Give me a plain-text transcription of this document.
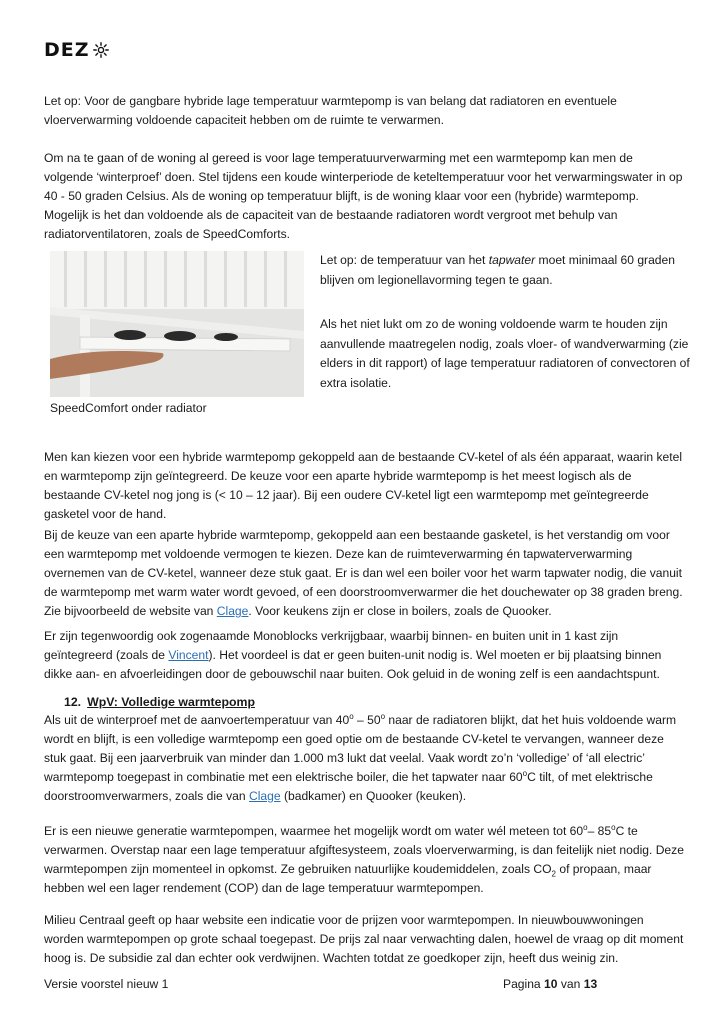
DEZ

Let op: Voor de gangbare hybride lage temperatuur warmtepomp is van belang dat radiatoren en eventuele vloerverwarming voldoende capaciteit hebben om de ruimte te verwarmen.

Om na te gaan of de woning al gereed is voor lage temperatuurverwarming met een warmtepomp kan men de volgende ‘winterproef’ doen. Stel tijdens een koude winterperiode de keteltemperatuur voor het verwarmingswater in op 40 - 50 graden Celsius. Als de woning op temperatuur blijft, is de woning klaar voor een (hybride) warmtepomp. Mogelijk is het dan voldoende als de capaciteit van de bestaande radiatoren wordt vergroot met behulp van radiatorventilatoren, zoals de SpeedComforts.

SpeedComfort onder radiator

Let op: de temperatuur van het tapwater moet minimaal 60 graden blijven om legionellavorming tegen te gaan.

Als het niet lukt om zo de woning voldoende warm te houden zijn aanvullende maatregelen nodig, zoals vloer- of wandverwarming (zie elders in dit rapport) of lage temperatuur radiatoren of convectoren of extra isolatie.

Men kan kiezen voor een hybride warmtepomp gekoppeld aan de bestaande CV-ketel of als één apparaat, waarin ketel en warmtepomp zijn geïntegreerd. De keuze voor een aparte hybride warmtepomp is het meest logisch als de bestaande CV-ketel nog jong is (< 10 – 12 jaar). Bij een oudere CV-ketel ligt een warmtepomp met geïntegreerde gasketel voor de hand.

Bij de keuze van een aparte hybride warmtepomp, gekoppeld aan een bestaande gasketel, is het verstandig om voor een warmtepomp met voldoende vermogen te kiezen. Deze kan de ruimteverwarming én tapwaterverwarming overnemen van de CV-ketel, wanneer deze stuk gaat. Er is dan wel een boiler voor het warm tapwater nodig, die vanuit de warmtepomp met warm water wordt gevoed, of een doorstroomverwarmer die het douchewater op 38 graden breng. Zie bijvoorbeeld de website van Clage. Voor keukens zijn er close in boilers, zoals de Quooker.

Er zijn tegenwoordig ook zogenaamde Monoblocks verkrijgbaar, waarbij binnen- en buiten unit in 1 kast zijn geïntegreerd (zoals de Vincent). Het voordeel is dat er geen buiten-unit nodig is. Wel moeten er bij plaatsing binnen dikke aan- en afvoerleidingen door de gebouwschil naar buiten. Ook geluid in de woning zelf is een aandachtspunt.

12. WpV: Volledige warmtepomp

Als uit de winterproef met de aanvoertemperatuur van 40$^o$ – 50$^o$ naar de radiatoren blijkt, dat het huis voldoende warm wordt en blijft, is een volledige warmtepomp een goed optie om de bestaande CV-ketel te vervangen, wanneer deze stuk gaat. Bij een jaarverbruik van minder dan 1.000 m3 lukt dat veelal. Vaak wordt zo’n ‘volledige’ of ‘all electric’ warmtepomp toegepast in combinatie met een elektrische boiler, die het tapwater naar 60$^o$C tilt, of met elektrische doorstroomverwarmers, zoals die van Clage (badkamer) en Quooker (keuken).

Er is een nieuwe generatie warmtepompen, waarmee het mogelijk wordt om water wél meteen tot 60$^o$– 85$^o$C te verwarmen. Overstap naar een lage temperatuur afgiftesysteem, zoals vloerverwarming, is dan feitelijk niet nodig. Deze warmtepompen zijn momenteel in opkomst. Ze gebruiken natuurlijke koudemiddelen, zoals $CO_2$ of propaan, maar hebben wel een lager rendement (COP) dan de lage temperatuur warmtepompen.

Milieu Centraal geeft op haar website een indicatie voor de prijzen voor warmtepompen. In nieuwbouwwoningen worden warmtepompen op grote schaal toegepast. De prijs zal naar verwachting dalen, hoewel de vraag op dit moment hoog is. De subsidie zal dan echter ook verdwijnen. Wachten totdat ze goedkoper zijn, heeft dus weinig zin.

Versie voorstel nieuw 1	Pagina 10 van 13
